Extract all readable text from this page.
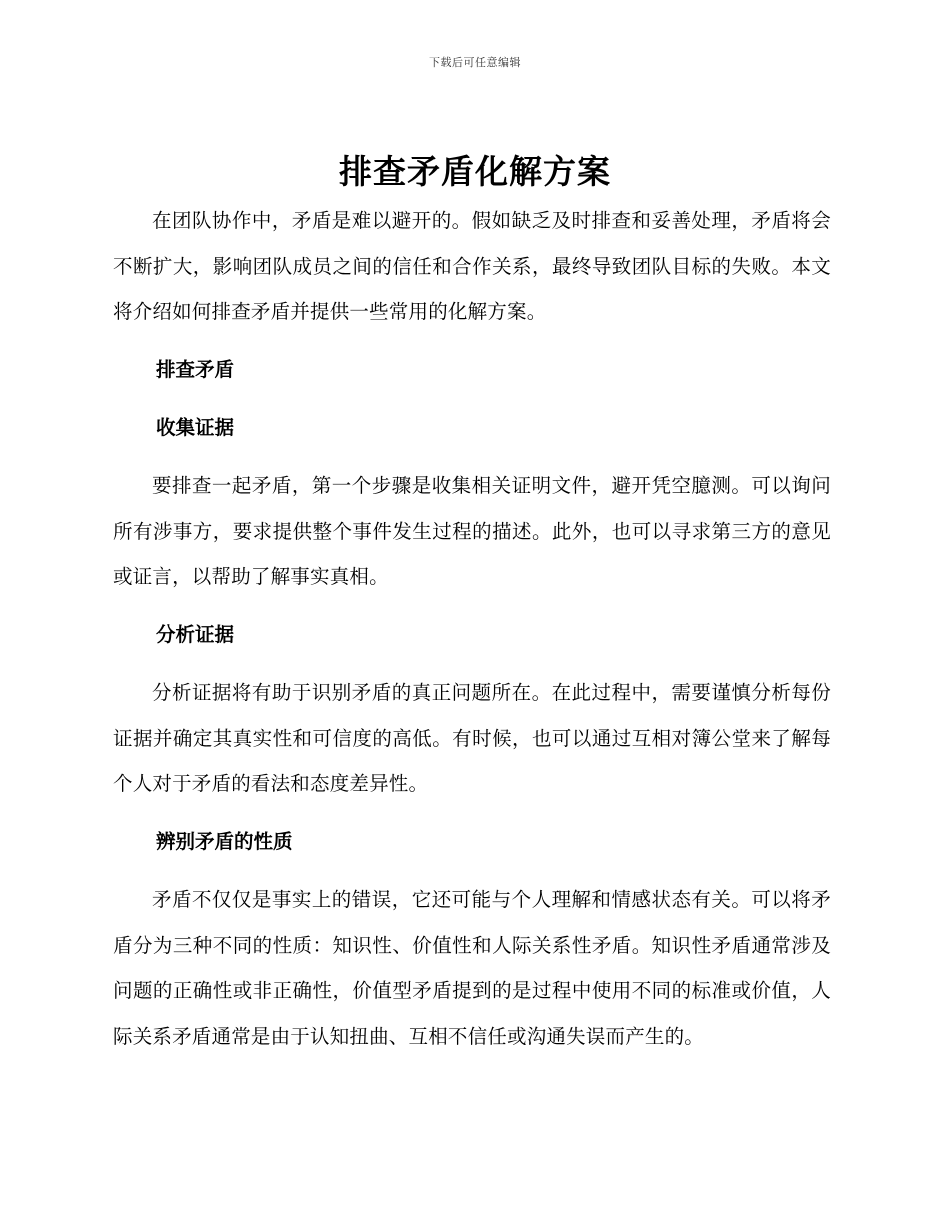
下载后可任意编辑
排查矛盾化解方案

在团队协作中，矛盾是难以避开的。假如缺乏及时排查和妥善处理，矛盾将会不断扩大，影响团队成员之间的信任和合作关系，最终导致团队目标的失败。本文将介绍如何排查矛盾并提供一些常用的化解方案。

排查矛盾
收集证据

要排查一起矛盾，第一个步骤是收集相关证明文件，避开凭空臆测。可以询问所有涉事方，要求提供整个事件发生过程的描述。此外，也可以寻求第三方的意见或证言，以帮助了解事实真相。

分析证据

分析证据将有助于识别矛盾的真正问题所在。在此过程中，需要谨慎分析每份证据并确定其真实性和可信度的高低。有时候，也可以通过互相对簿公堂来了解每个人对于矛盾的看法和态度差异性。

辨别矛盾的性质

矛盾不仅仅是事实上的错误，它还可能与个人理解和情感状态有关。可以将矛盾分为三种不同的性质：知识性、价值性和人际关系性矛盾。知识性矛盾通常涉及问题的正确性或非正确性，价值型矛盾提到的是过程中使用不同的标准或价值，人际关系矛盾通常是由于认知扭曲、互相不信任或沟通失误而产生的。
